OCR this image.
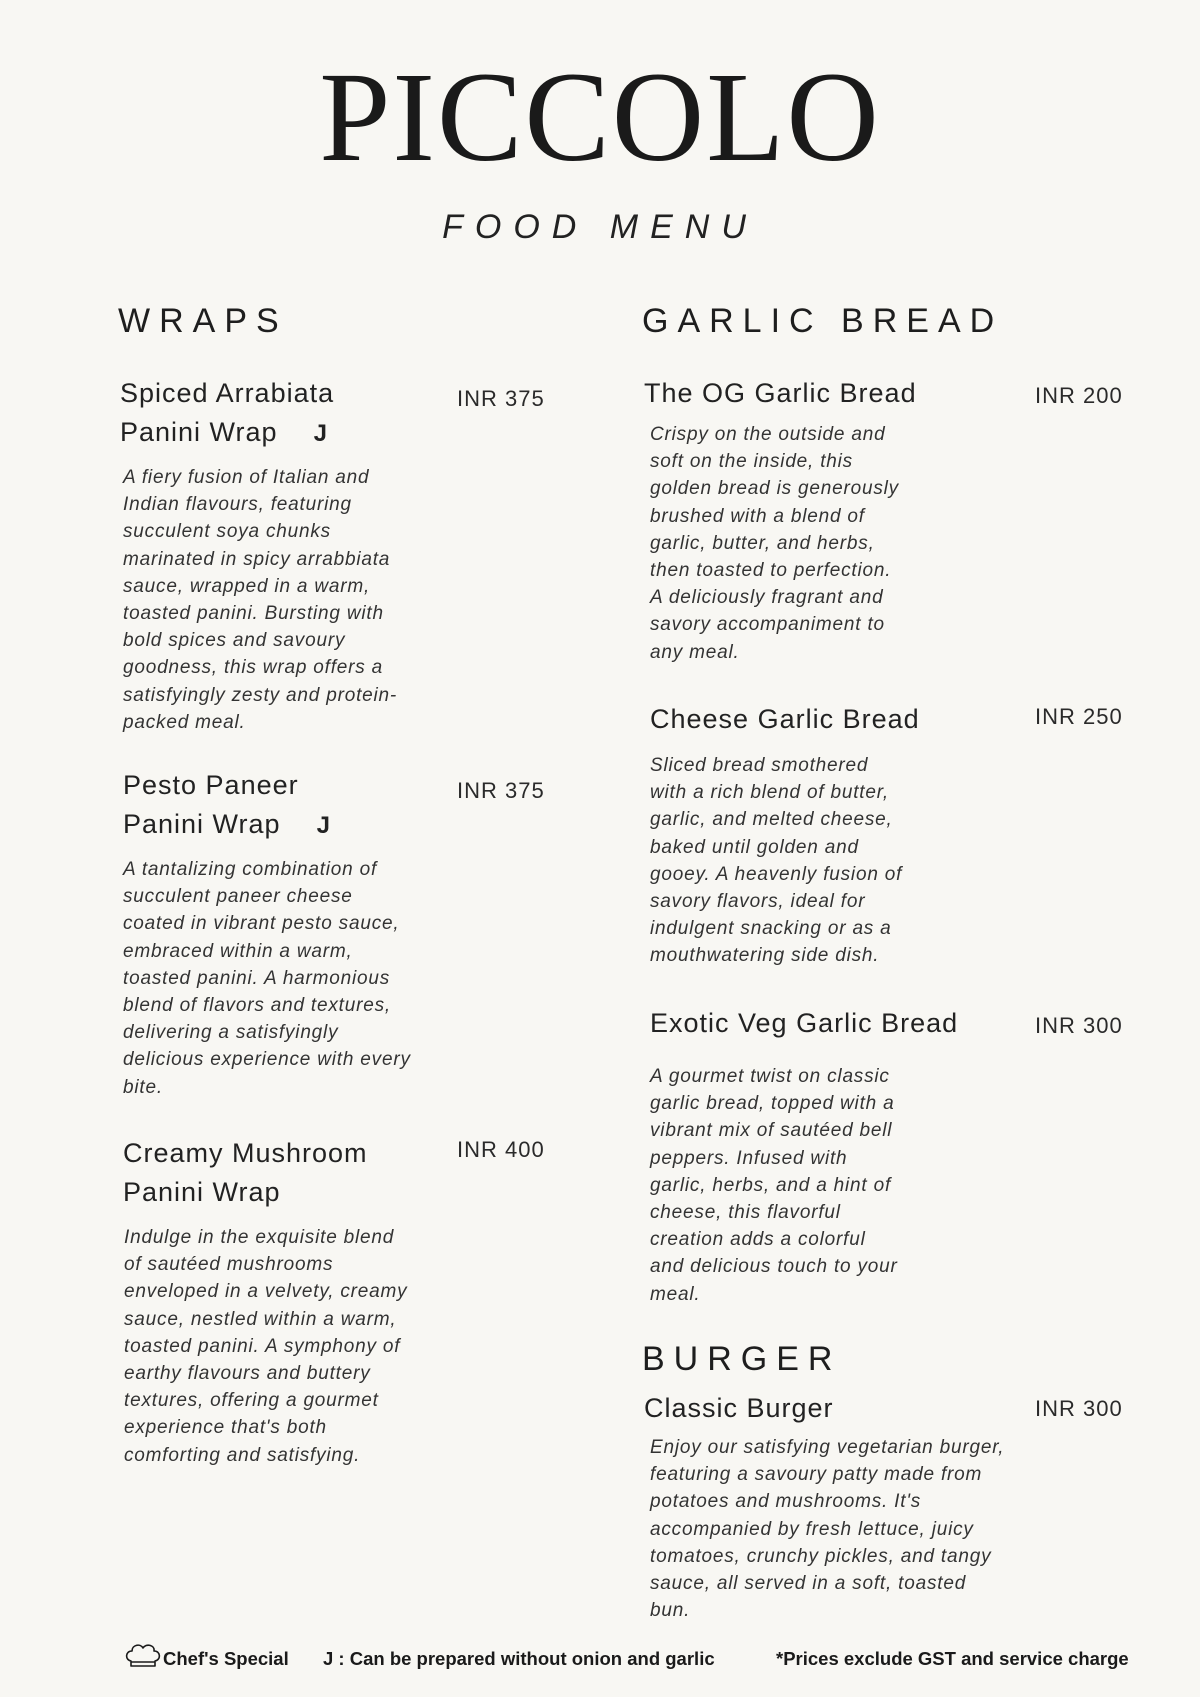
PICCOLO
FOOD MENU
WRAPS
Spiced Arrabiata
Panini Wrap J
INR 375
A fiery fusion of Italian and
Indian flavours, featuring
succulent soya chunks
marinated in spicy arrabbiata
sauce, wrapped in a warm,
toasted panini. Bursting with
bold spices and savoury
goodness, this wrap offers a
satisfyingly zesty and protein-
packed meal.
Pesto Paneer
Panini Wrap J
INR 375
A tantalizing combination of
succulent paneer cheese
coated in vibrant pesto sauce,
embraced within a warm,
toasted panini. A harmonious
blend of flavors and textures,
delivering a satisfyingly
delicious experience with every
bite.
Creamy Mushroom
Panini Wrap
INR 400
Indulge in the exquisite blend
of sautéed mushrooms
enveloped in a velvety, creamy
sauce, nestled within a warm,
toasted panini. A symphony of
earthy flavours and buttery
textures, offering a gourmet
experience that's both
comforting and satisfying.
GARLIC BREAD
The OG Garlic Bread	INR 200
Crispy on the outside and
soft on the inside, this
golden bread is generously
brushed with a blend of
garlic, butter, and herbs,
then toasted to perfection.
A deliciously fragrant and
savory accompaniment to
any meal.
Cheese Garlic Bread	INR 250
Sliced bread smothered
with a rich blend of butter,
garlic, and melted cheese,
baked until golden and
gooey. A heavenly fusion of
savory flavors, ideal for
indulgent snacking or as a
mouthwatering side dish.
Exotic Veg Garlic Bread	INR 300
A gourmet twist on classic
garlic bread, topped with a
vibrant mix of sautéed bell
peppers. Infused with
garlic, herbs, and a hint of
cheese, this flavorful
creation adds a colorful
and delicious touch to your
meal.
BURGER
Classic Burger	INR 300
Enjoy our satisfying vegetarian burger,
featuring a savoury patty made from
potatoes and mushrooms. It's
accompanied by fresh lettuce, juicy
tomatoes, crunchy pickles, and tangy
sauce, all served in a soft, toasted
bun.
Chef's Special J : Can be prepared without onion and garlic	*Prices exclude GST and service charge
